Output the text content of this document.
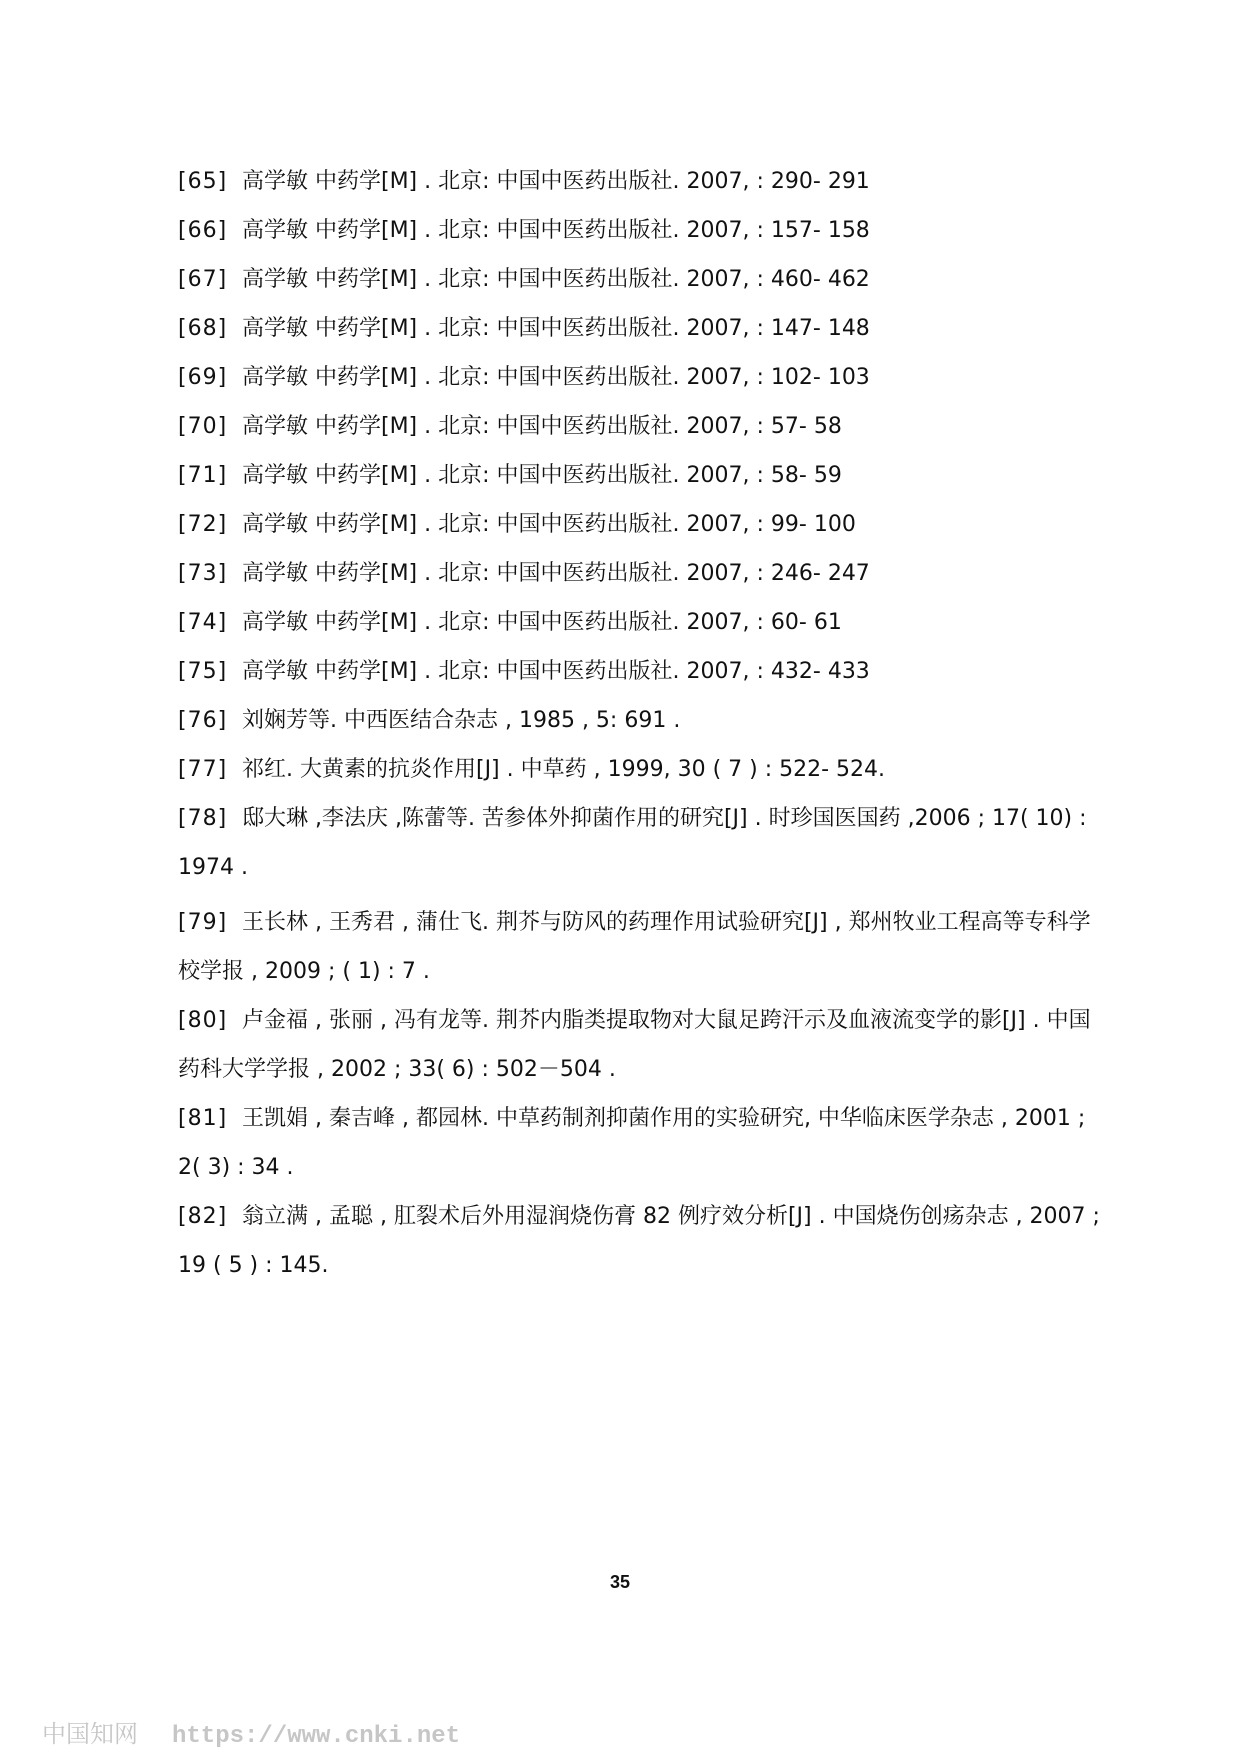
[65] 高学敏 中药学[M] . 北京: 中国中医药出版社. 2007, : 290- 291

[66] 高学敏 中药学[M] . 北京: 中国中医药出版社. 2007, : 157- 158

[67] 高学敏 中药学[M] . 北京: 中国中医药出版社. 2007, : 460- 462

[68] 高学敏 中药学[M] . 北京: 中国中医药出版社. 2007, : 147- 148

[69] 高学敏 中药学[M] . 北京: 中国中医药出版社. 2007, : 102- 103

[70] 高学敏 中药学[M] . 北京: 中国中医药出版社. 2007, : 57- 58

[71] 高学敏 中药学[M] . 北京: 中国中医药出版社. 2007, : 58- 59

[72] 高学敏 中药学[M] . 北京: 中国中医药出版社. 2007, : 99- 100

[73] 高学敏 中药学[M] . 北京: 中国中医药出版社. 2007, : 246- 247

[74] 高学敏 中药学[M] . 北京: 中国中医药出版社. 2007, : 60- 61

[75] 高学敏 中药学[M] . 北京: 中国中医药出版社. 2007, : 432- 433

[76] 刘娴芳等. 中西医结合杂志 , 1985 , 5: 691 .

[77] 祁红. 大黄素的抗炎作用[J] . 中草药 , 1999, 30 ( 7 ) : 522- 524.

[78] 邸大琳 ,李法庆 ,陈蕾等. 苦参体外抑菌作用的研究[J] . 时珍国医国药 ,2006 ; 17( 10) : 1974 .

[79] 王长林 , 王秀君 , 蒲仕飞. 荆芥与防风的药理作用试验研究[J] , 郑州牧业工程高等专科学校学报 , 2009 ; ( 1) : 7 .

[80] 卢金福 , 张丽 , 冯有龙等. 荆芥内脂类提取物对大鼠足跨汗示及血液流变学的影[J] . 中国药科大学学报 , 2002 ; 33( 6) : 502－504 .

[81] 王凯娟 , 秦吉峰 , 都园林. 中草药制剂抑菌作用的实验研究, 中华临床医学杂志 , 2001 ; 2( 3) : 34 .

[82] 翁立满 , 孟聪 , 肛裂术后外用湿润烧伤膏 82 例疗效分析[J] . 中国烧伤创疡杂志 , 2007 ; 19 ( 5 ) : 145.

35
中国知网 https://www.cnki.net
